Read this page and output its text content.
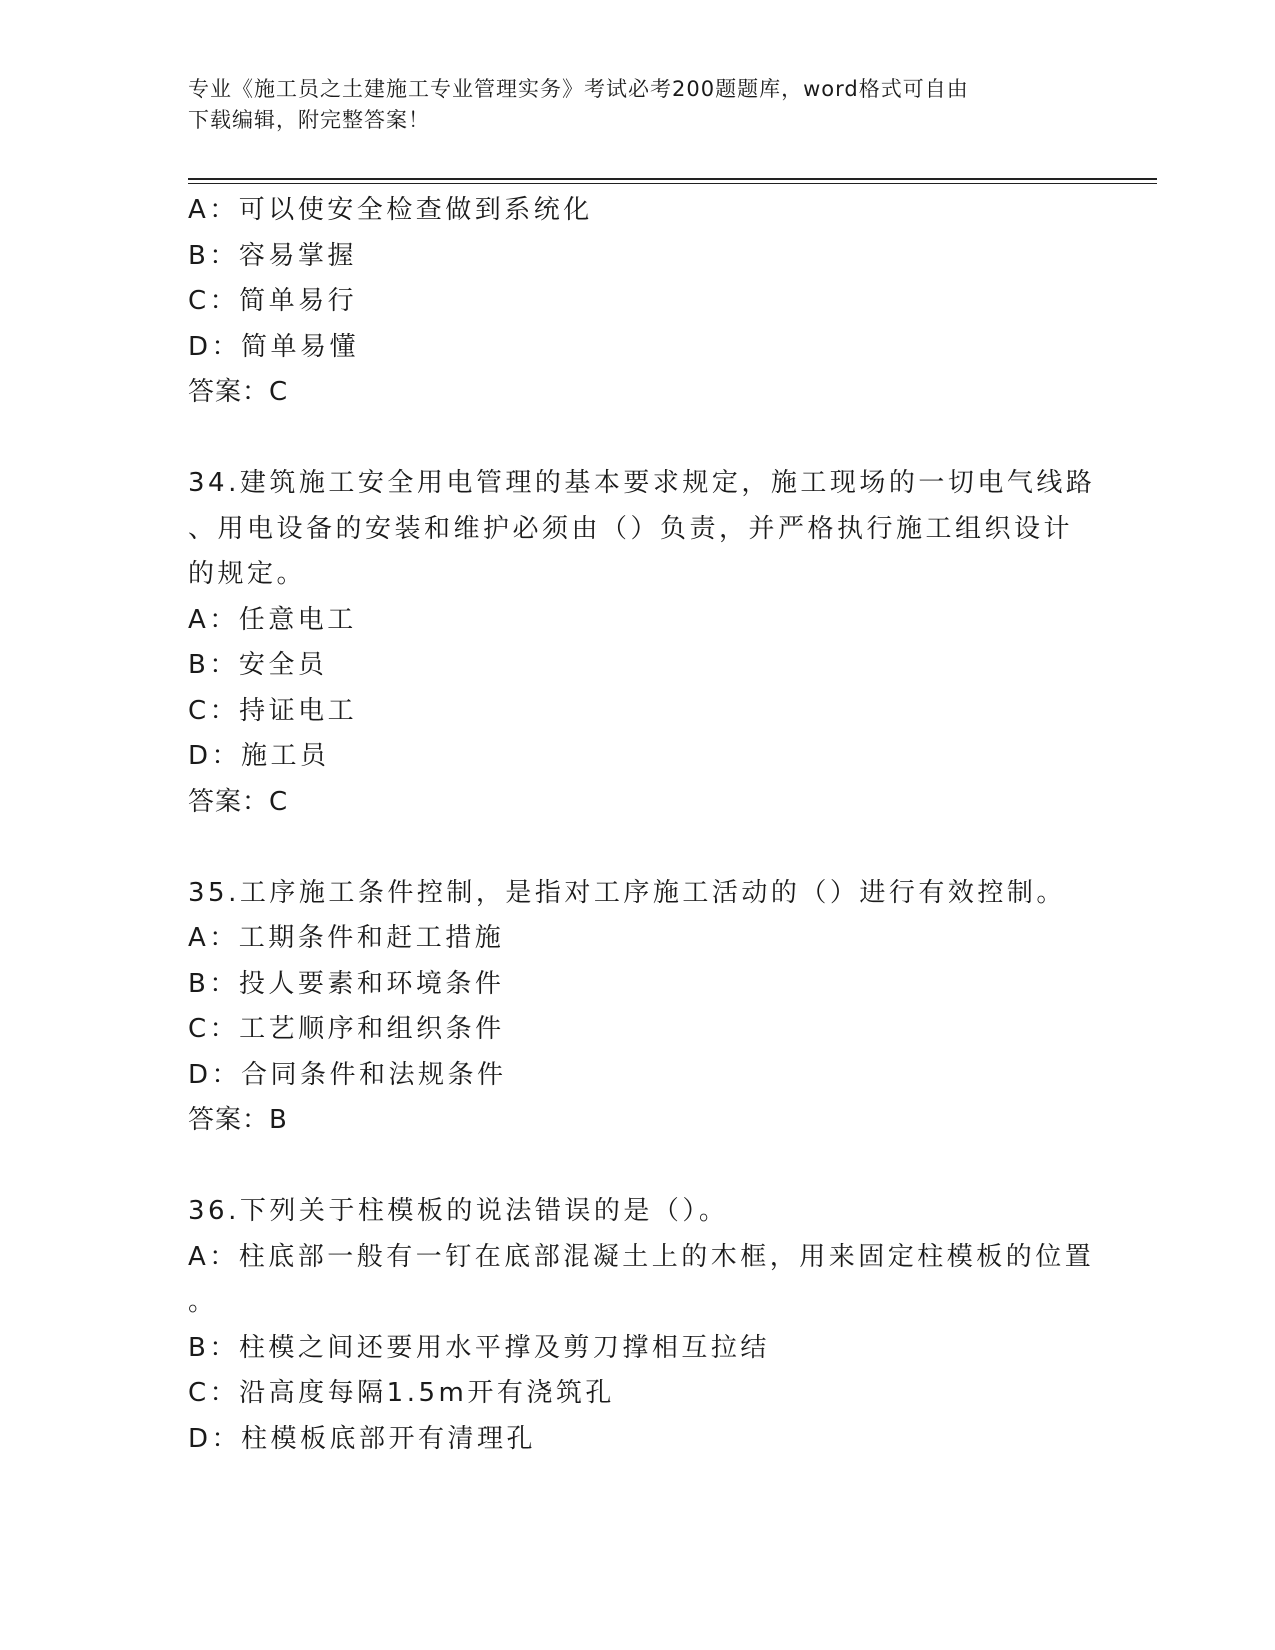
专业《施工员之土建施工专业管理实务》考试必考200题题库，word格式可自由
下载编辑，附完整答案！
A：可以使安全检查做到系统化
B：容易掌握
C：简单易行
D：简单易懂
答案：C
34.建筑施工安全用电管理的基本要求规定，施工现场的一切电气线路
、用电设备的安装和维护必须由（）负责，并严格执行施工组织设计
的规定。
A：任意电工
B：安全员
C：持证电工
D：施工员
答案：C
35.工序施工条件控制，是指对工序施工活动的（）进行有效控制。
A：工期条件和赶工措施
B：投人要素和环境条件
C：工艺顺序和组织条件
D：合同条件和法规条件
答案：B
36.下列关于柱模板的说法错误的是（）。
A：柱底部一般有一钉在底部混凝土上的木框，用来固定柱模板的位置
。
B：柱模之间还要用水平撑及剪刀撑相互拉结
C：沿高度每隔1.5m开有浇筑孔
D：柱模板底部开有清理孔
